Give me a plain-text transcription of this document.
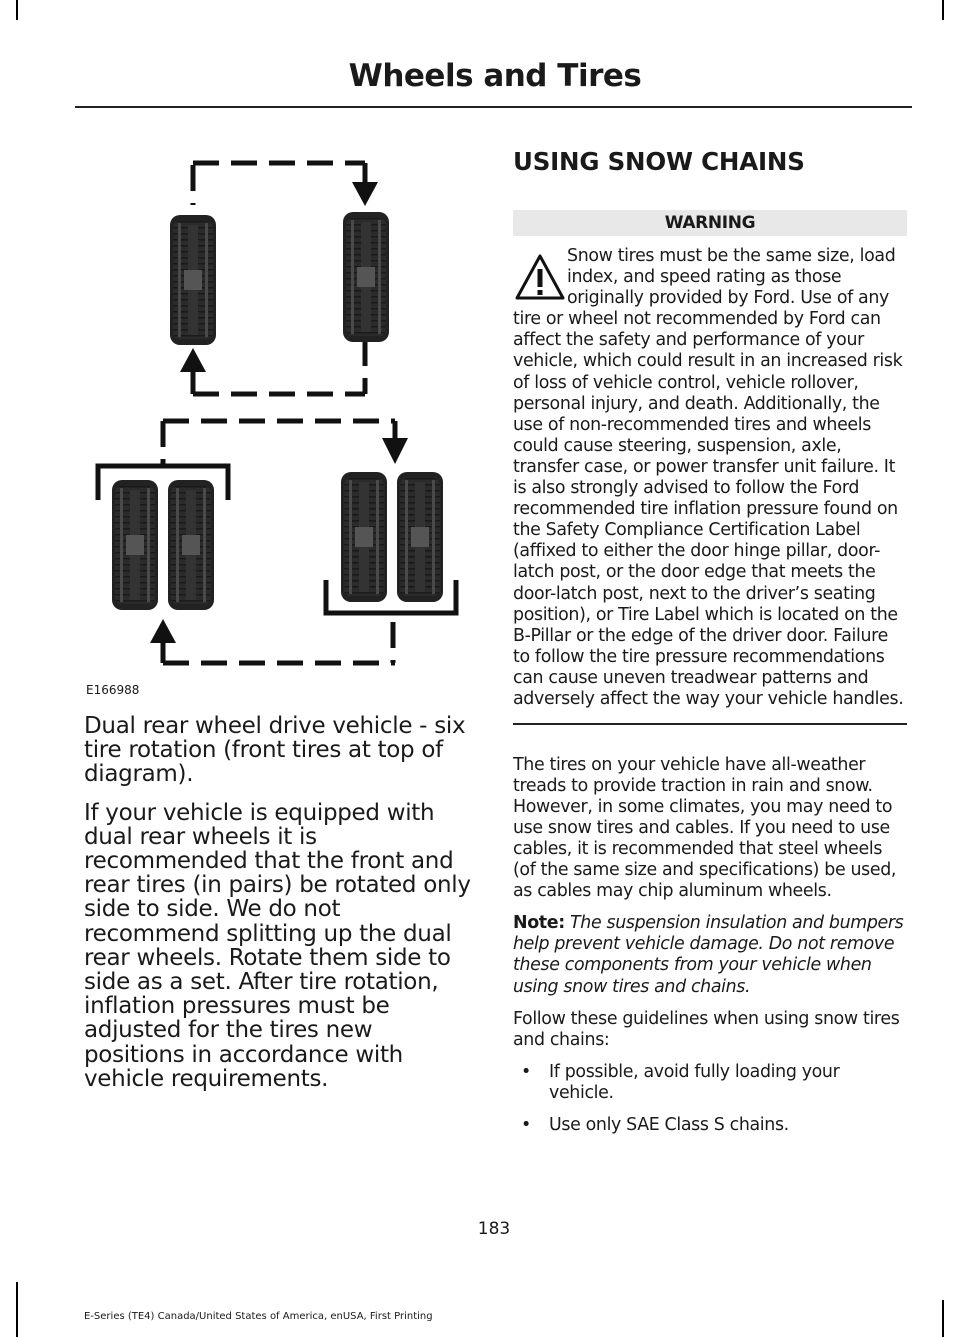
Wheels and Tires
E166988

Dual rear wheel drive vehicle - six tire rotation (front tires at top of diagram).

If your vehicle is equipped with dual rear wheels it is recommended that the front and rear tires (in pairs) be rotated only side to side. We do not recommend splitting up the dual rear wheels. Rotate them side to side as a set. After tire rotation, inflation pressures must be adjusted for the tires new positions in accordance with vehicle requirements.

USING SNOW CHAINS
WARNING

Snow tires must be the same size, load index, and speed rating as those originally provided by Ford. Use of any tire or wheel not recommended by Ford can affect the safety and performance of your vehicle, which could result in an increased risk of loss of vehicle control, vehicle rollover, personal injury, and death. Additionally, the use of non-recommended tires and wheels could cause steering, suspension, axle, transfer case, or power transfer unit failure. It is also strongly advised to follow the Ford recommended tire inflation pressure found on the Safety Compliance Certification Label (affixed to either the door hinge pillar, door-latch post, or the door edge that meets the door-latch post, next to the driver’s seating position), or Tire Label which is located on the B-Pillar or the edge of the driver door. Failure to follow the tire pressure recommendations can cause uneven treadwear patterns and adversely affect the way your vehicle handles.

The tires on your vehicle have all-weather treads to provide traction in rain and snow. However, in some climates, you may need to use snow tires and cables. If you need to use cables, it is recommended that steel wheels (of the same size and specifications) be used, as cables may chip aluminum wheels.

Note: The suspension insulation and bumpers help prevent vehicle damage. Do not remove these components from your vehicle when using snow tires and chains.

Follow these guidelines when using snow tires and chains:

• If possible, avoid fully loading your vehicle.
• Use only SAE Class S chains.
183
E-Series (TE4) Canada/United States of America, enUSA, First Printing
